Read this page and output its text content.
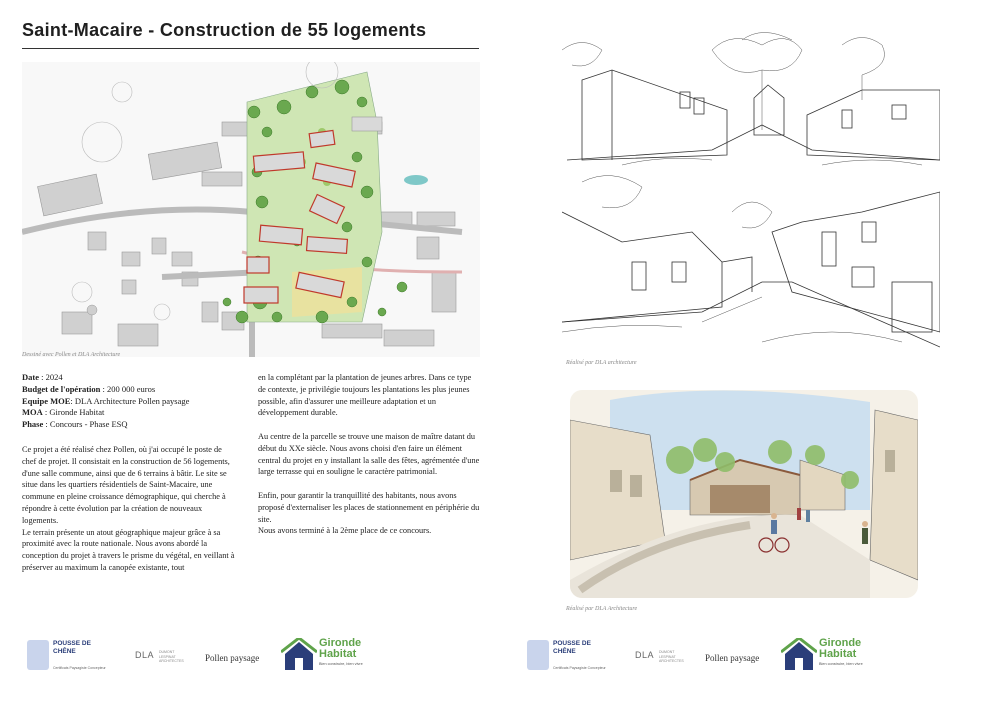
Saint-Macaire - Construction de 55 logements
Dessiné avec Pollen et DLA Architecture
Date : 2024
Budget de l'opération : 200 000 euros
Equipe MOE: DLA Architecture Pollen paysage
MOA : Gironde Habitat
Phase : Concours - Phase ESQ
Ce projet a été réalisé chez Pollen, où j'ai occupé le poste de chef de projet. Il consistait en la construction de 56 logements, d'une salle commune, ainsi que de 6 terrains à bâtir. Le site se situe dans les quartiers résidentiels de Saint-Macaire, une commune en pleine croissance démographique, qui cherche à répondre à cette évolution par la création de nouveaux logements.
Le terrain présente un atout géographique majeur grâce à sa proximité avec la route nationale. Nous avons abordé la conception du projet à travers le prisme du végétal, en veillant à préserver au maximum la canopée existante, tout

en la complétant par la plantation de jeunes arbres. Dans ce type de contexte, je privilégie toujours les plantations les plus jeunes possible, afin d'assurer une meilleure adaptation et un développement durable.

Au centre de la parcelle se trouve une maison de maître datant du début du XXe siècle. Nous avons choisi d'en faire un élément central du projet en y installant la salle des fêtes, agrémentée d'une large terrasse qui en souligne le caractère patrimonial.

Enfin, pour garantir la tranquillité des habitants, nous avons proposé d'externaliser les places de stationnement en périphérie du site.
Nous avons terminé à la 2ème place de ce concours.
Réalisé par DLA architecture
Réalisé par DLA Architecture
POUSSE DE CHÊNE
Certificats Paysagiste Concepteur
DLA DUMONT LESPINAT ARCHITECTES	Pollen paysage
Gironde Habitat
Bien construire, bien vivre
POUSSE DE CHÊNE
Certificats Paysagiste Concepteur
DLA DUMONT LESPINAT ARCHITECTES	Pollen paysage
Gironde Habitat
Bien construire, bien vivre
